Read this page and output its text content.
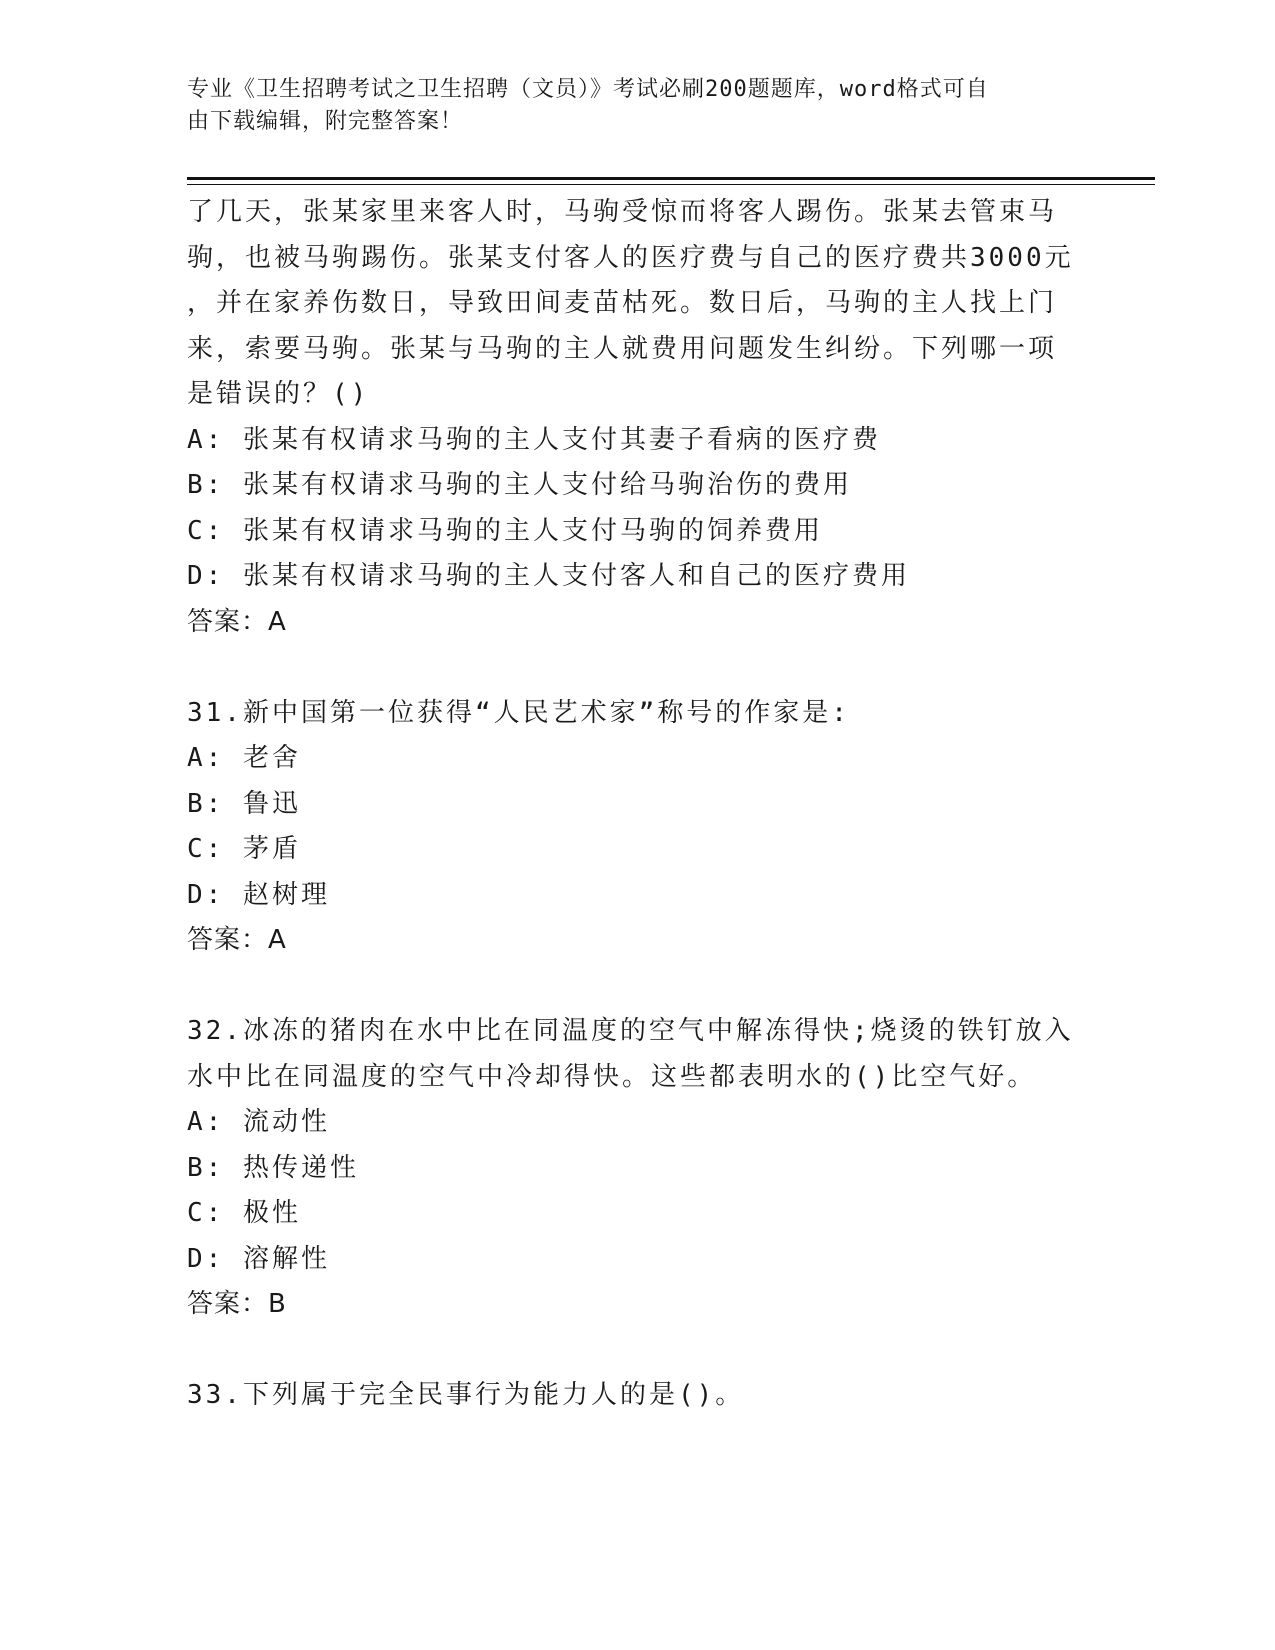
专业《卫生招聘考试之卫生招聘（文员）》考试必刷200题题库，word格式可自
由下载编辑，附完整答案！
了几天，张某家里来客人时，马驹受惊而将客人踢伤。张某去管束马
驹，也被马驹踢伤。张某支付客人的医疗费与自己的医疗费共3000元
，并在家养伤数日，导致田间麦苗枯死。数日后，马驹的主人找上门
来，索要马驹。张某与马驹的主人就费用问题发生纠纷。下列哪一项
是错误的？()
A: 张某有权请求马驹的主人支付其妻子看病的医疗费
B: 张某有权请求马驹的主人支付给马驹治伤的费用
C: 张某有权请求马驹的主人支付马驹的饲养费用
D: 张某有权请求马驹的主人支付客人和自己的医疗费用
答案：A
31.新中国第一位获得“人民艺术家”称号的作家是:
A: 老舍
B: 鲁迅
C: 茅盾
D: 赵树理
答案：A
32.冰冻的猪肉在水中比在同温度的空气中解冻得快;烧烫的铁钉放入
水中比在同温度的空气中冷却得快。这些都表明水的()比空气好。
A: 流动性
B: 热传递性
C: 极性
D: 溶解性
答案：B
33.下列属于完全民事行为能力人的是()。
